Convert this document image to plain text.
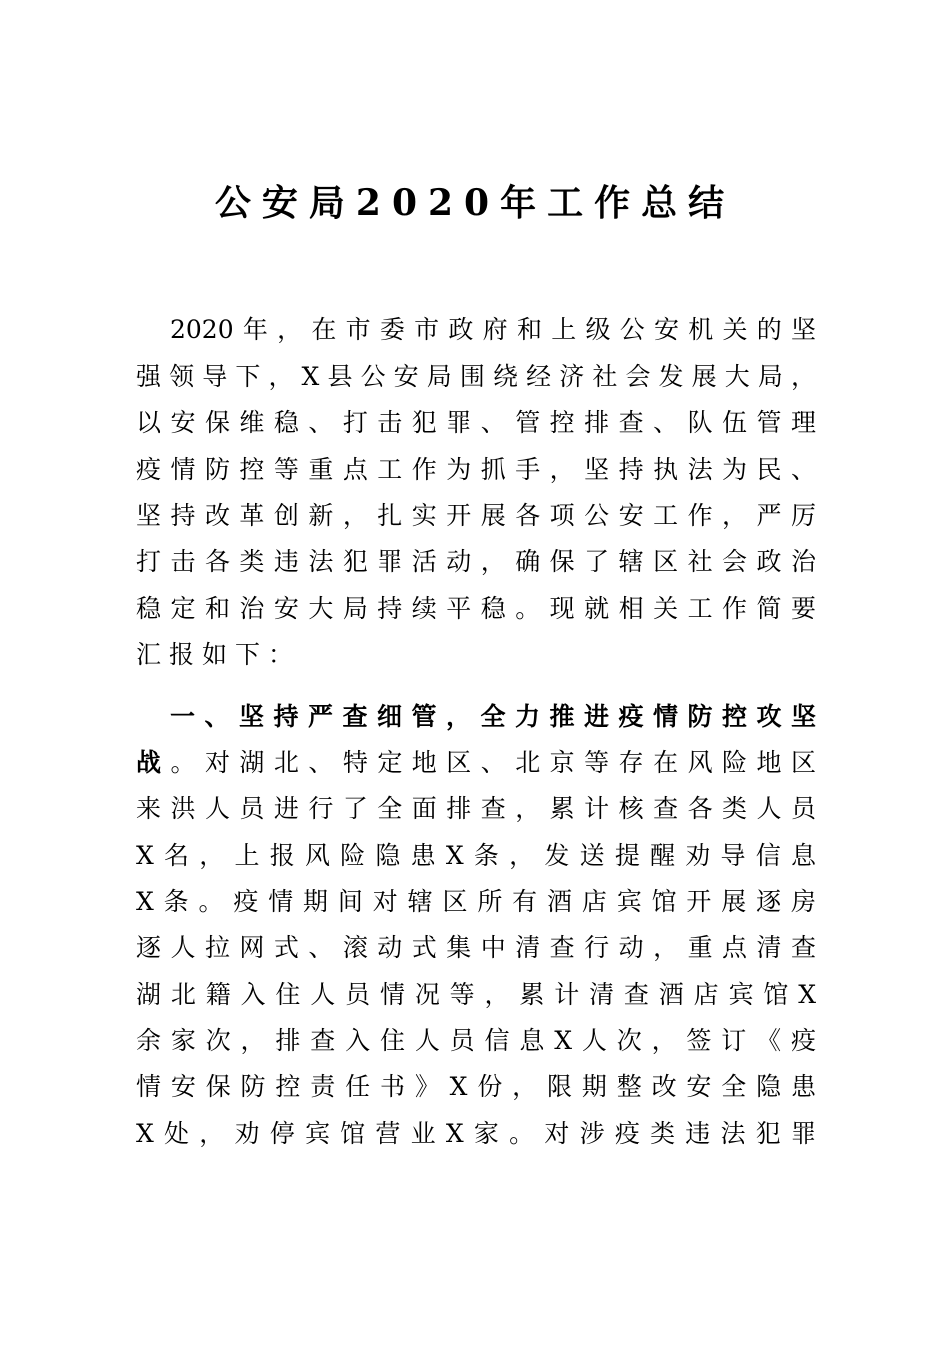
公安局2020年工作总结
2020年，在市委市政府和上级公安机关的坚
强领导下，X县公安局围绕经济社会发展大局，
以安保维稳、打击犯罪、管控排查、队伍管理
疫情防控等重点工作为抓手，坚持执法为民、
坚持改革创新，扎实开展各项公安工作，严厉
打击各类违法犯罪活动，确保了辖区社会政治
稳定和治安大局持续平稳。现就相关工作简要
汇报如下：
一、坚持严查细管，全力推进疫情防控攻坚
战。对湖北、特定地区、北京等存在风险地区
来洪人员进行了全面排查，累计核查各类人员
X名，上报风险隐患X条，发送提醒劝导信息
X条。疫情期间对辖区所有酒店宾馆开展逐房
逐人拉网式、滚动式集中清查行动，重点清查
湖北籍入住人员情况等，累计清查酒店宾馆X
余家次，排查入住人员信息X人次，签订《疫
情安保防控责任书》X份，限期整改安全隐患
X处，劝停宾馆营业X家。对涉疫类违法犯罪
